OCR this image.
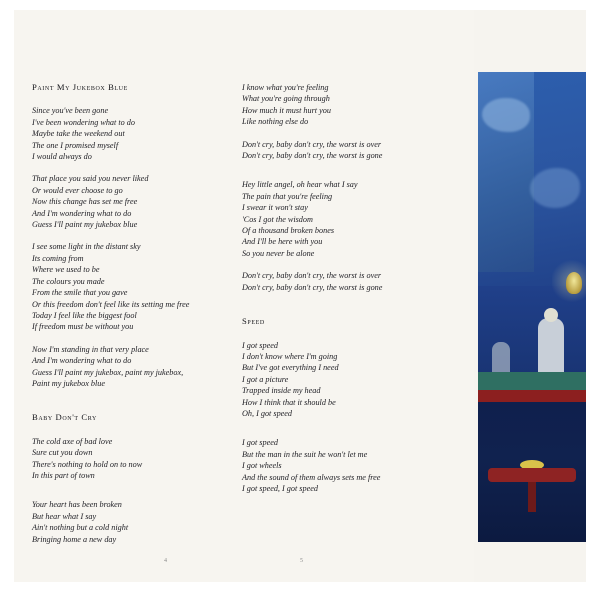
Paint My Jukebox Blue
Since you've been gone
I've been wondering what to do
Maybe take the weekend out
The one I promised myself
I would always do
That place you said you never liked
Or would ever choose to go
Now this change has set me free
And I'm wondering what to do
Guess I'll paint my jukebox blue
I see some light in the distant sky
Its coming from
Where we used to be
The colours you made
From the smile that you gave
Or this freedom don't feel like its setting me free
Today I feel like the biggest fool
If freedom must be without you
Now I'm standing in that very place
And I'm wondering what to do
Guess I'll paint my jukebox, paint my jukebox,
Paint my jukebox blue
Baby Don't Cry
The cold axe of bad love
Sure cut you down
There's nothing to hold on to now
In this part of town
Your heart has been broken
But hear what I say
Ain't nothing but a cold night
Bringing home a new day
I know what you're feeling
What you're going through
How much it must hurt you
Like nothing else do
Don't cry, baby don't cry, the worst is over
Don't cry, baby don't cry, the worst is gone
Hey little angel, oh hear what I say
The pain that you're feeling
I swear it won't stay
'Cos I got the wisdom
Of a thousand broken bones
And I'll be here with you
So you never be alone
Don't cry, baby don't cry, the worst is over
Don't cry, baby don't cry, the worst is gone
Speed
I got speed
I don't know where I'm going
But I've got everything I need
I got a picture
Trapped inside my head
How I think that it should be
Oh, I got speed
I got speed
But the man in the suit he won't let me
I got wheels
And the sound of them always sets me free
I got speed, I got speed
4	5
